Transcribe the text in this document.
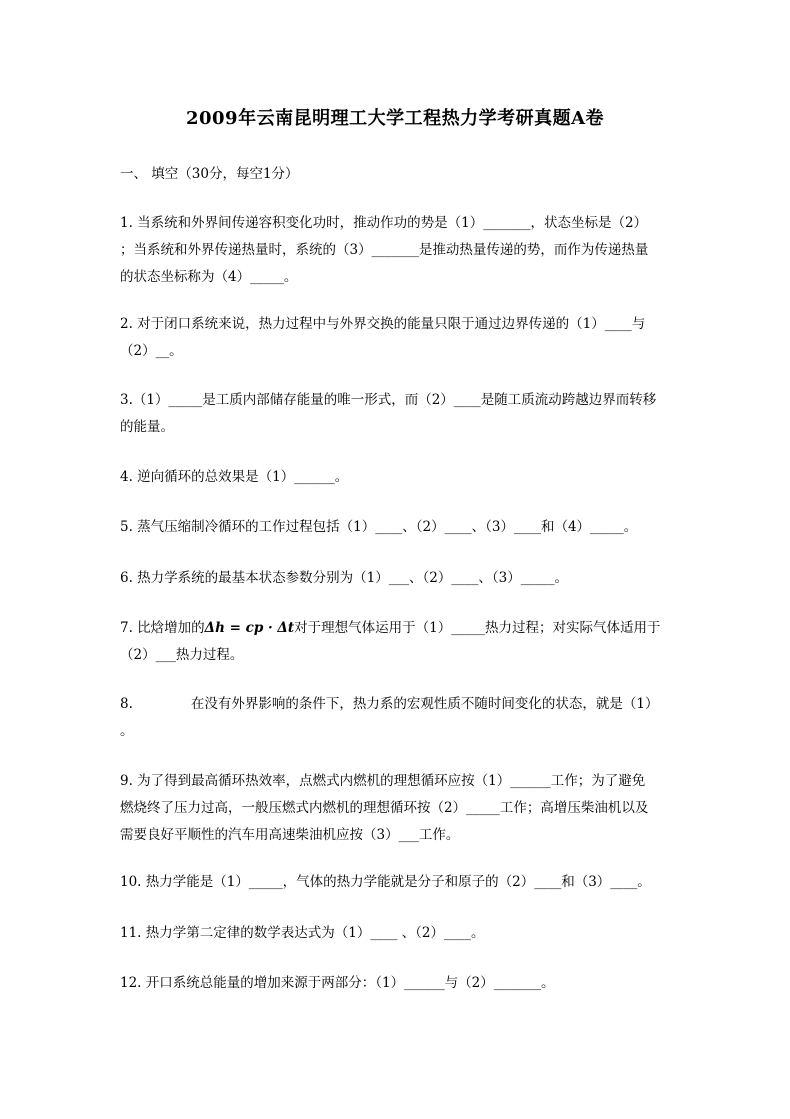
2009年云南昆明理工大学工程热力学考研真题A卷
一、 填空（30分，每空1分）
1. 当系统和外界间传递容积变化功时，推动作功的势是（1）_______，状态坐标是（2）
；当系统和外界传递热量时，系统的（3）_______是推动热量传递的势，而作为传递热量
的状态坐标称为（4）_____。
2. 对于闭口系统来说，热力过程中与外界交换的能量只限于通过边界传递的（1）____与
（2）__。
3.（1）_____是工质内部储存能量的唯一形式，而（2）____是随工质流动跨越边界而转移
的能量。
4. 逆向循环的总效果是（1）______。
5. 蒸气压缩制冷循环的工作过程包括（1）____、（2）____、（3）____和（4）_____。
6. 热力学系统的最基本状态参数分别为（1）___、（2）____、（3）_____。
7. 比焓增加的Δh = cp · Δt对于理想气体运用于（1）_____热力过程；对实际气体适用于
（2）___热力过程。
8.	在没有外界影响的条件下，热力系的宏观性质不随时间变化的状态，就是（1）
。
9. 为了得到最高循环热效率，点燃式内燃机的理想循环应按（1）______工作；为了避免
燃烧终了压力过高，一般压燃式内燃机的理想循环按（2）_____工作；高增压柴油机以及
需要良好平顺性的汽车用高速柴油机应按（3）___工作。
10. 热力学能是（1）_____，气体的热力学能就是分子和原子的（2）____和（3）____。
11. 热力学第二定律的数学表达式为（1）____ 、（2）____。
12. 开口系统总能量的增加来源于两部分：（1）______与（2）_______。
